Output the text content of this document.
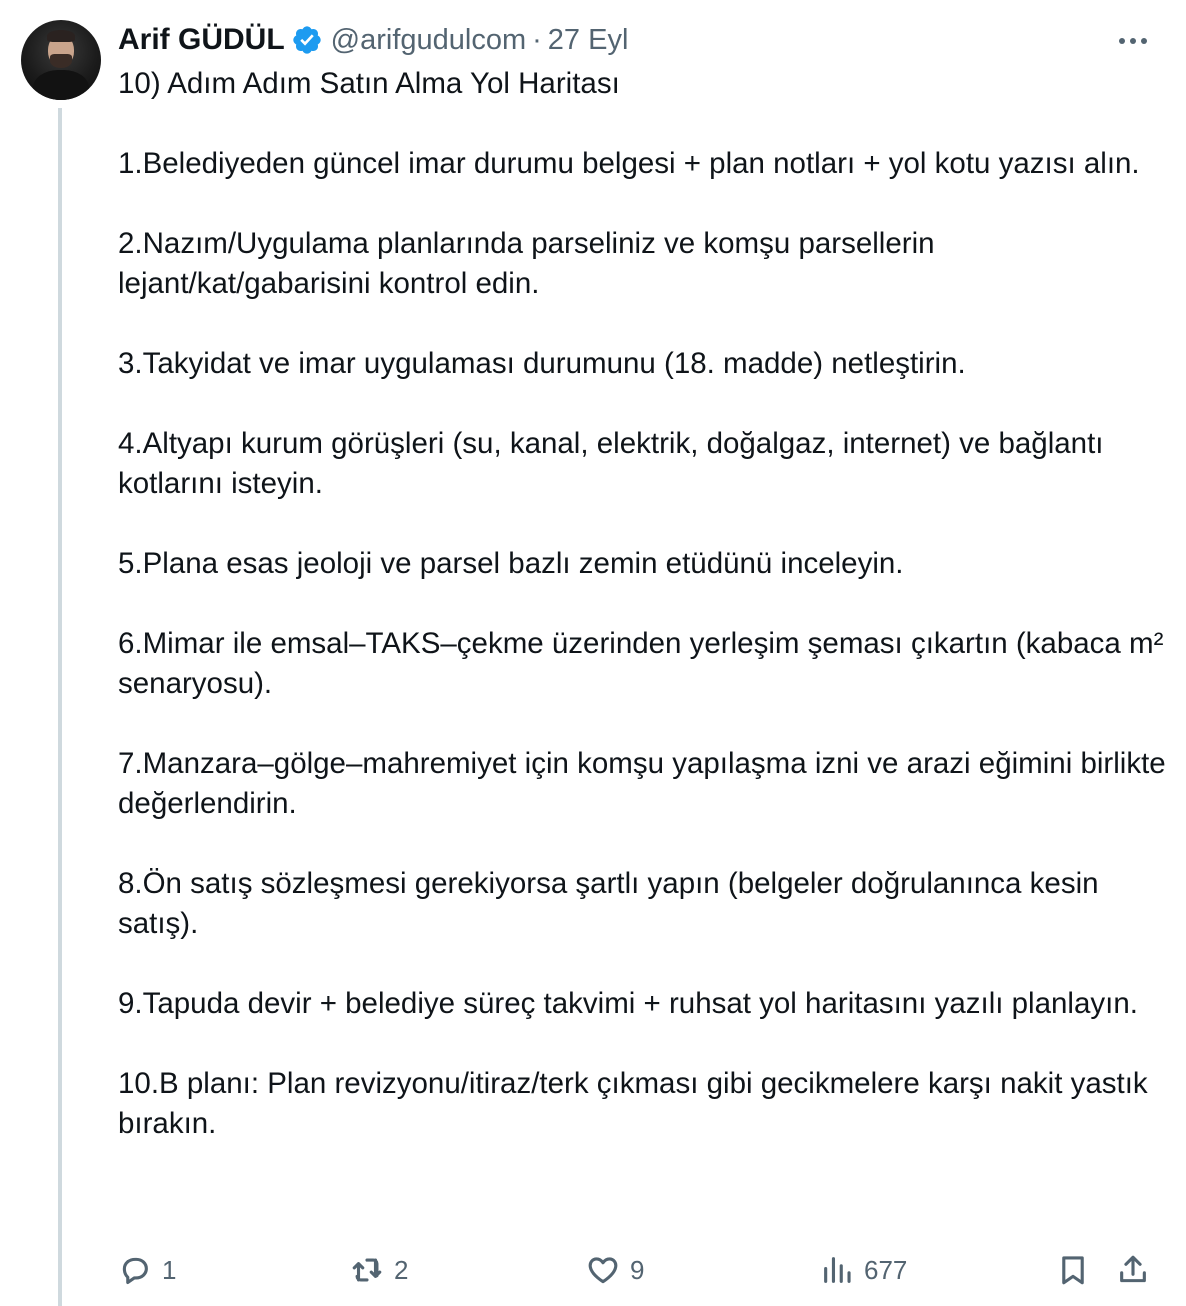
Arif GÜDÜL @arifgudulcom · 27 Eyl

10) Adım Adım Satın Alma Yol Haritası

1.Belediyeden güncel imar durumu belgesi + plan notları + yol kotu yazısı alın.

2.Nazım/Uygulama planlarında parseliniz ve komşu parsellerin lejant/kat/gabarisini kontrol edin.

3.Takyidat ve imar uygulaması durumunu (18. madde) netleştirin.

4.Altyapı kurum görüşleri (su, kanal, elektrik, doğalgaz, internet) ve bağlantı kotlarını isteyin.

5.Plana esas jeoloji ve parsel bazlı zemin etüdünü inceleyin.

6.Mimar ile emsal–TAKS–çekme üzerinden yerleşim şeması çıkartın (kabaca m² senaryosu).

7.Manzara–gölge–mahremiyet için komşu yapılaşma izni ve arazi eğimini birlikte değerlendirin.

8.Ön satış sözleşmesi gerekiyorsa şartlı yapın (belgeler doğrulanınca kesin satış).

9.Tapuda devir + belediye süreç takvimi + ruhsat yol haritasını yazılı planlayın.

10.B planı: Plan revizyonu/itiraz/terk çıkması gibi gecikmelere karşı nakit yastık bırakın.

1	2	9	677
